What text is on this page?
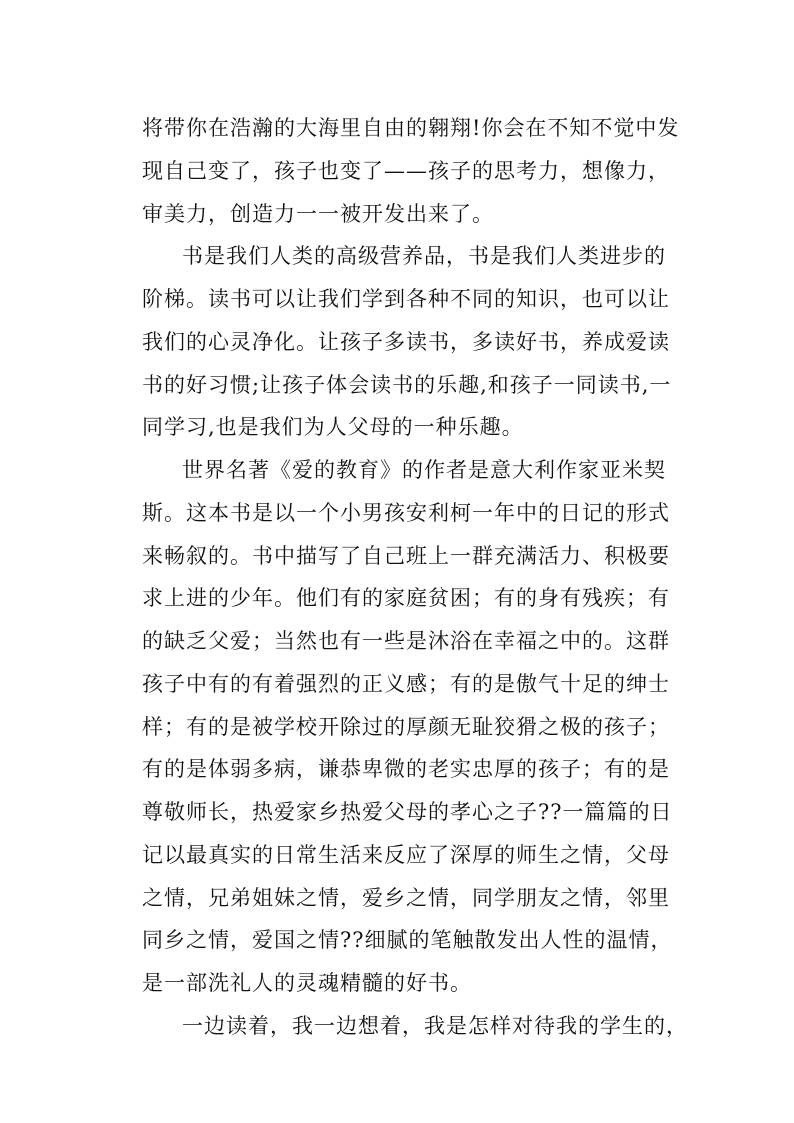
将带你在浩瀚的大海里自由的翱翔!你会在不知不觉中发
现自己变了，孩子也变了——孩子的思考力，想像力，
审美力，创造力一一被开发出来了。
书是我们人类的高级营养品，书是我们人类进步的
阶梯。读书可以让我们学到各种不同的知识，也可以让
我们的心灵净化。让孩子多读书，多读好书，养成爱读
书的好习惯;让孩子体会读书的乐趣,和孩子一同读书,一
同学习,也是我们为人父母的一种乐趣。
世界名著《爱的教育》的作者是意大利作家亚米契
斯。这本书是以一个小男孩安利柯一年中的日记的形式
来畅叙的。书中描写了自己班上一群充满活力、积极要
求上进的少年。他们有的家庭贫困；有的身有残疾；有
的缺乏父爱；当然也有一些是沐浴在幸福之中的。这群
孩子中有的有着强烈的正义感；有的是傲气十足的绅士
样；有的是被学校开除过的厚颜无耻狡猾之极的孩子；
有的是体弱多病，谦恭卑微的老实忠厚的孩子；有的是
尊敬师长，热爱家乡热爱父母的孝心之子??一篇篇的日
记以最真实的日常生活来反应了深厚的师生之情，父母
之情，兄弟姐妹之情，爱乡之情，同学朋友之情，邻里
同乡之情，爱国之情??细腻的笔触散发出人性的温情，
是一部洗礼人的灵魂精髓的好书。
一边读着，我一边想着，我是怎样对待我的学生的，
